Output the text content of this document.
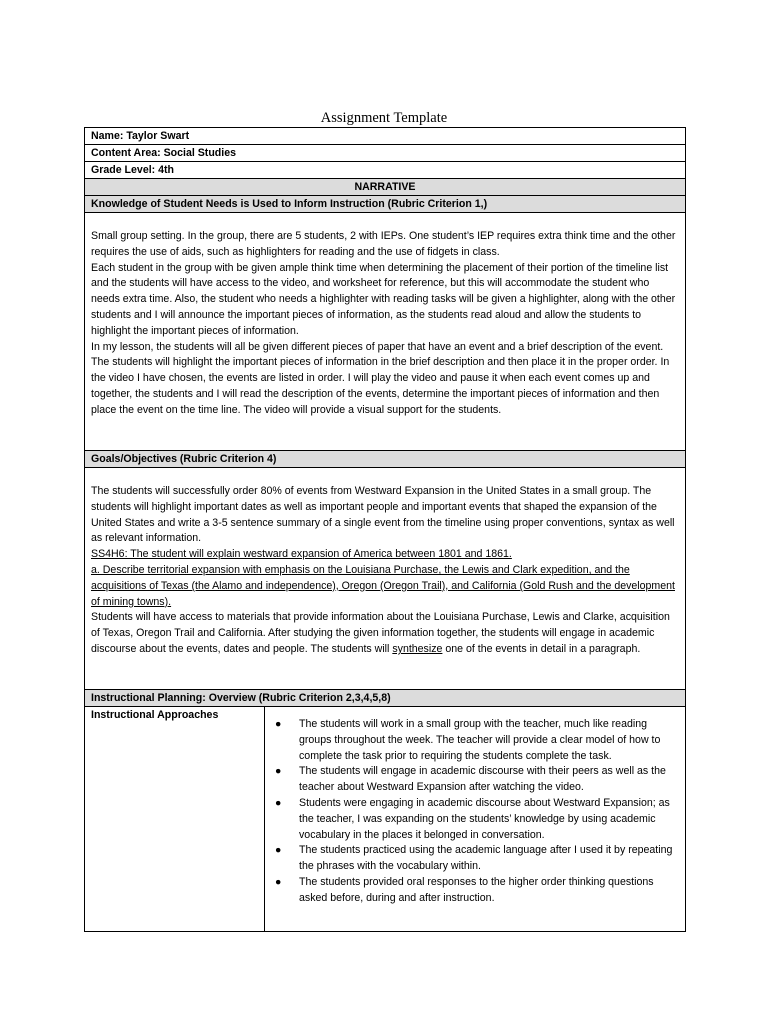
Assignment Template
Name: Taylor Swart
Content Area: Social Studies
Grade Level: 4th
NARRATIVE
Knowledge of Student Needs is Used to Inform Instruction (Rubric Criterion 1,)

Small group setting. In the group, there are 5 students, 2 with IEPs. One student’s IEP requires extra think time and the other requires the use of aids, such as highlighters for reading and the use of fidgets in class.

Each student in the group with be given ample think time when determining the placement of their portion of the timeline list and the students will have access to the video, and worksheet for reference, but this will accommodate the student who needs extra time. Also, the student who needs a highlighter with reading tasks will be given a highlighter, along with the other students and I will announce the important pieces of information, as the students read aloud and allow the students to highlight the important pieces of information.

In my lesson, the students will all be given different pieces of paper that have an event and a brief description of the event. The students will highlight the important pieces of information in the brief description and then place it in the proper order. In the video I have chosen, the events are listed in order. I will play the video and pause it when each event comes up and together, the students and I will read the description of the events, determine the important pieces of information and then place the event on the time line. The video will provide a visual support for the students.

Goals/Objectives (Rubric Criterion 4)

The students will successfully order 80% of events from Westward Expansion in the United States in a small group. The students will highlight important dates as well as important people and important events that shaped the expansion of the United States and write a 3-5 sentence summary of a single event from the timeline using proper conventions, syntax as well as relevant information.

SS4H6: The student will explain westward expansion of America between 1801 and 1861.

a. Describe territorial expansion with emphasis on the Louisiana Purchase, the Lewis and Clark expedition, and the acquisitions of Texas (the Alamo and independence), Oregon (Oregon Trail), and California (Gold Rush and the development of mining towns).

Students will have access to materials that provide information about the Louisiana Purchase, Lewis and Clarke, acquisition of Texas, Oregon Trail and California. After studying the given information together, the students will engage in academic discourse about the events, dates and people. The students will synthesize one of the events in detail in a paragraph.

Instructional Planning: Overview (Rubric Criterion 2,3,4,5,8)
Instructional Approaches
● The students will work in a small group with the teacher, much like reading groups throughout the week. The teacher will provide a clear model of how to complete the task prior to requiring the students complete the task.
● The students will engage in academic discourse with their peers as well as the teacher about Westward Expansion after watching the video.
● Students were engaging in academic discourse about Westward Expansion; as the teacher, I was expanding on the students’ knowledge by using academic vocabulary in the places it belonged in conversation.
● The students practiced using the academic language after I used it by repeating the phrases with the vocabulary within.
● The students provided oral responses to the higher order thinking questions asked before, during and after instruction.
